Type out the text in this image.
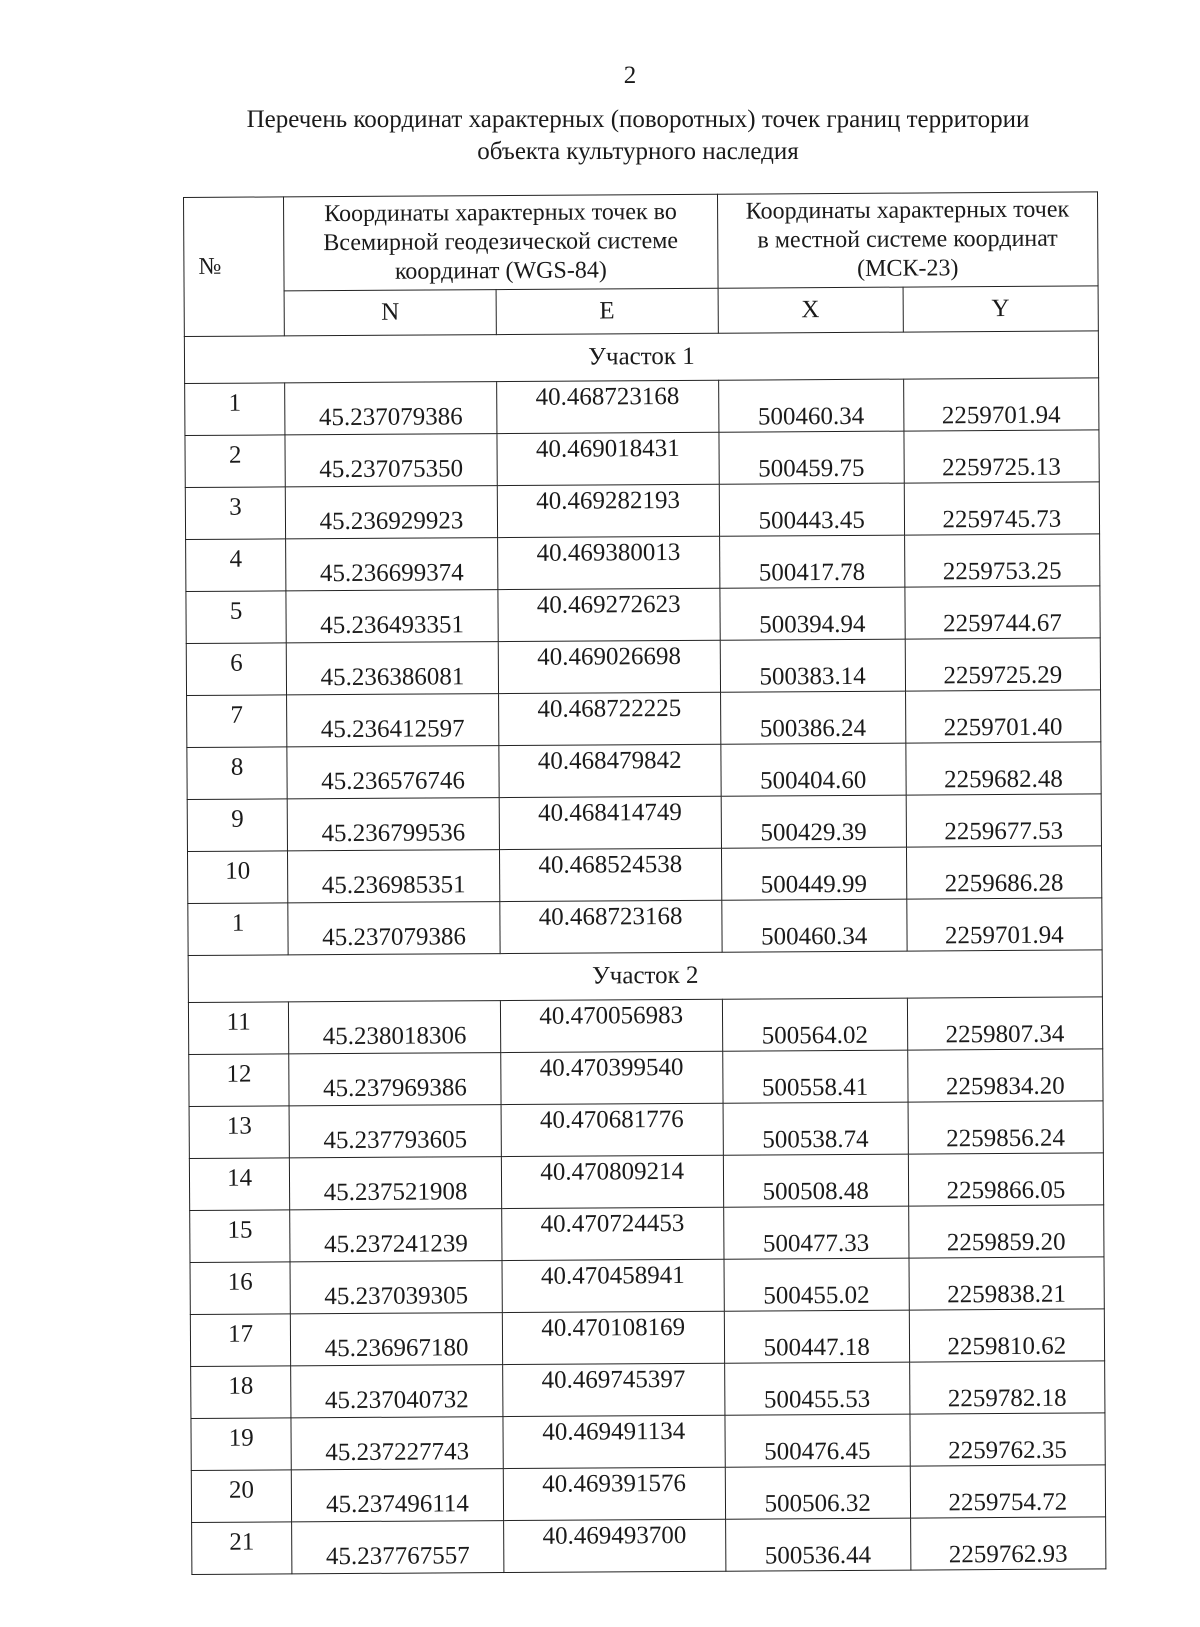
2
Перечень координат характерных (поворотных) точек границ территории
объекта культурного наследия
№	Координаты характерных точек во Всемирной геодезической системе координат (WGS-84)		Координаты характерных точек в местной системе координат (МСК-23)	
	N	E	X	Y
Участок 1				
1	45.237079386	40.468723168	500460.34	2259701.94
2	45.237075350	40.469018431	500459.75	2259725.13
3	45.236929923	40.469282193	500443.45	2259745.73
4	45.236699374	40.469380013	500417.78	2259753.25
5	45.236493351	40.469272623	500394.94	2259744.67
6	45.236386081	40.469026698	500383.14	2259725.29
7	45.236412597	40.468722225	500386.24	2259701.40
8	45.236576746	40.468479842	500404.60	2259682.48
9	45.236799536	40.468414749	500429.39	2259677.53
10	45.236985351	40.468524538	500449.99	2259686.28
1	45.237079386	40.468723168	500460.34	2259701.94
Участок 2				
11	45.238018306	40.470056983	500564.02	2259807.34
12	45.237969386	40.470399540	500558.41	2259834.20
13	45.237793605	40.470681776	500538.74	2259856.24
14	45.237521908	40.470809214	500508.48	2259866.05
15	45.237241239	40.470724453	500477.33	2259859.20
16	45.237039305	40.470458941	500455.02	2259838.21
17	45.236967180	40.470108169	500447.18	2259810.62
18	45.237040732	40.469745397	500455.53	2259782.18
19	45.237227743	40.469491134	500476.45	2259762.35
20	45.237496114	40.469391576	500506.32	2259754.72
21	45.237767557	40.469493700	500536.44	2259762.93
